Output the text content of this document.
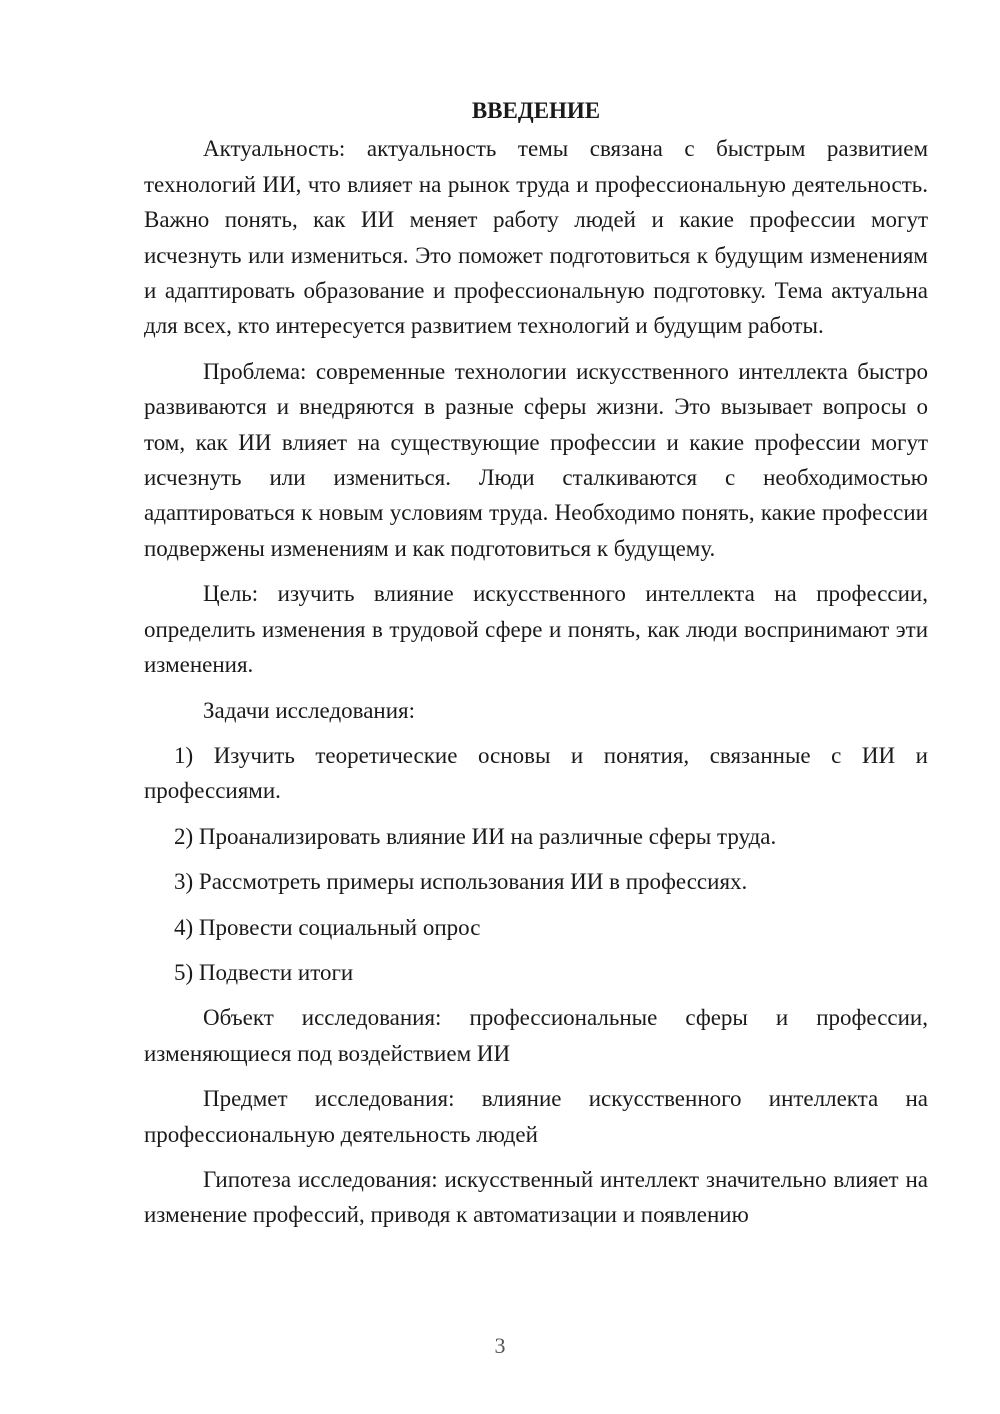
ВВЕДЕНИЕ

Актуальность: актуальность темы связана с быстрым развитием технологий ИИ, что влияет на рынок труда и профессиональную деятельность. Важно понять, как ИИ меняет работу людей и какие профессии могут исчезнуть или измениться. Это поможет подготовиться к будущим изменениям и адаптировать образование и профессиональную подготовку. Тема актуальна для всех, кто интересуется развитием технологий и будущим работы.

Проблема: современные технологии искусственного интеллекта быстро развиваются и внедряются в разные сферы жизни. Это вызывает вопросы о том, как ИИ влияет на существующие профессии и какие профессии могут исчезнуть или измениться. Люди сталкиваются с необходимостью адаптироваться к новым условиям труда. Необходимо понять, какие профессии подвержены изменениям и как подготовиться к будущему.

Цель: изучить влияние искусственного интеллекта на профессии, определить изменения в трудовой сфере и понять, как люди воспринимают эти изменения.

Задачи исследования:

1) Изучить теоретические основы и понятия, связанные с ИИ и профессиями.

2) Проанализировать влияние ИИ на различные сферы труда.

3) Рассмотреть примеры использования ИИ в профессиях.

4) Провести социальный опрос

5) Подвести итоги

Объект исследования: профессиональные сферы и профессии, изменяющиеся под воздействием ИИ

Предмет исследования: влияние искусственного интеллекта на профессиональную деятельность людей

Гипотеза исследования: искусственный интеллект значительно влияет на изменение профессий, приводя к автоматизации и появлению

3
